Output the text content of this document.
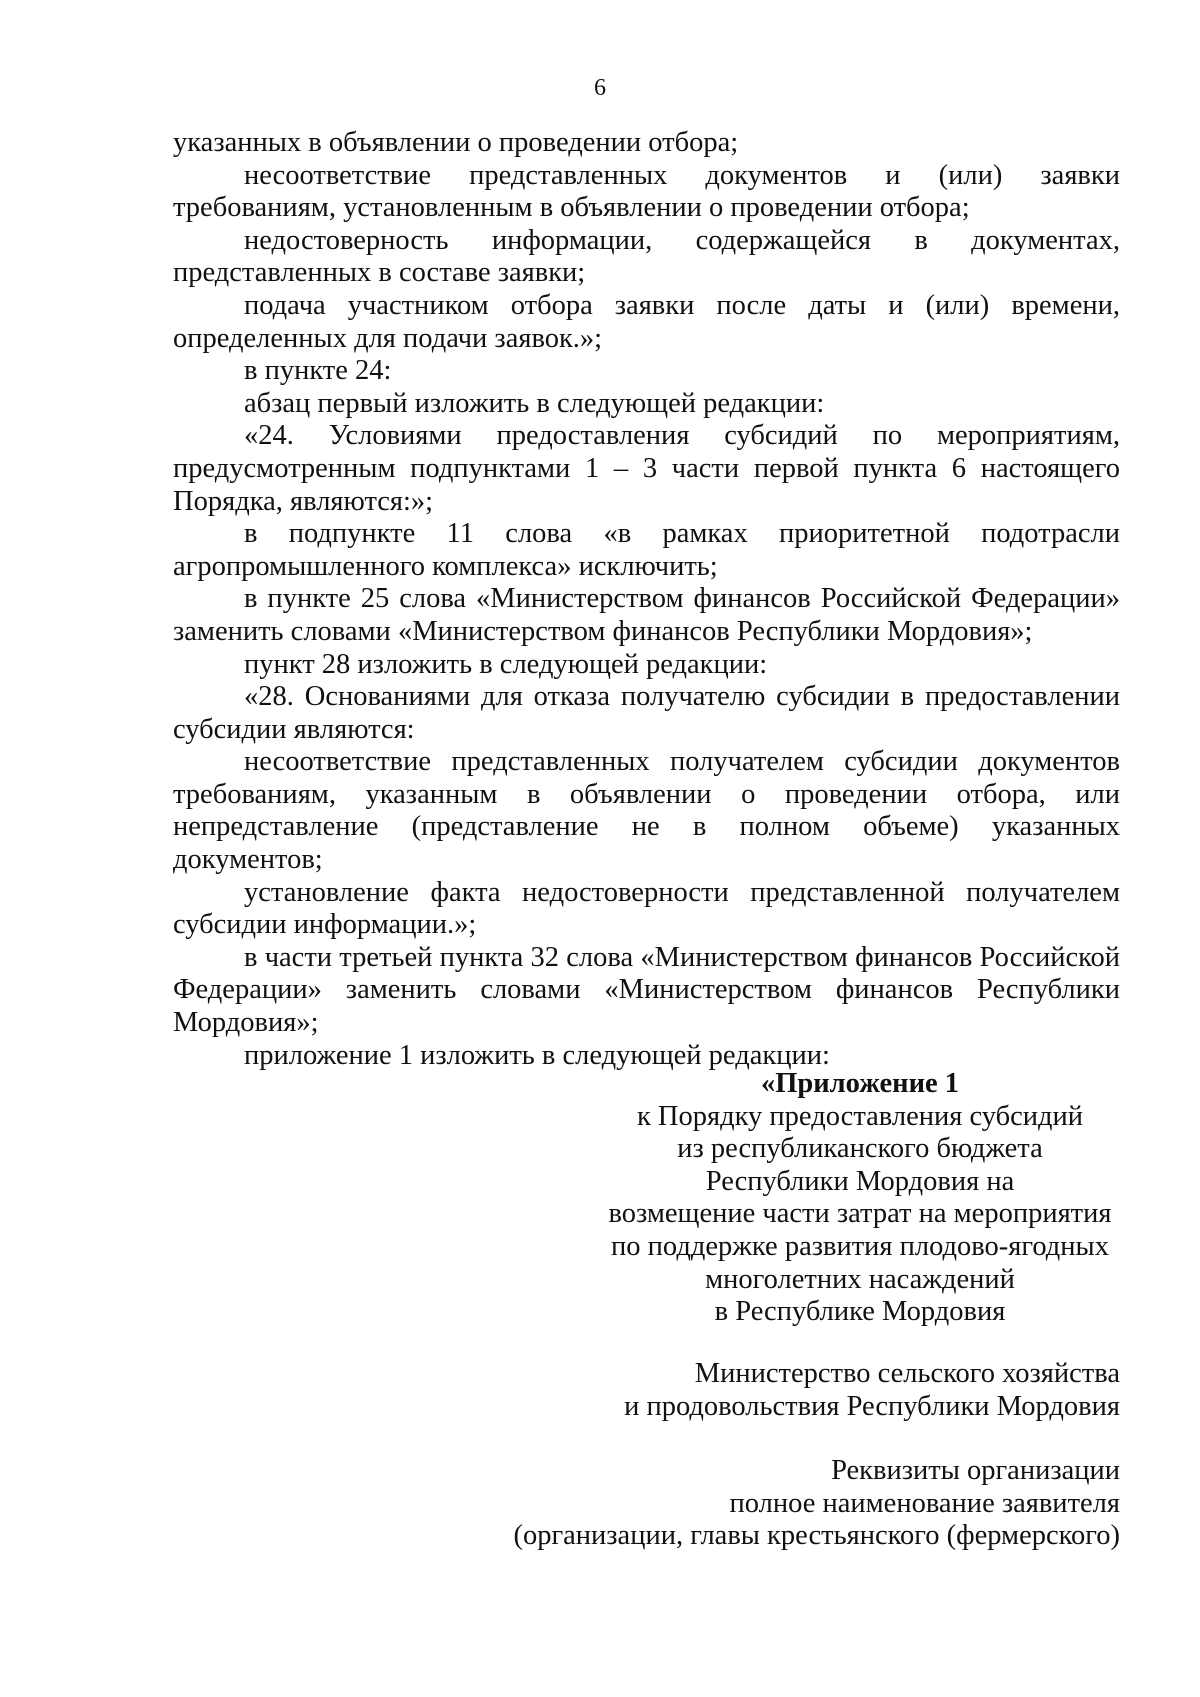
6

указанных в объявлении о проведении отбора;

несоответствие представленных документов и (или) заявки требованиям, установленным в объявлении о проведении отбора;

недостоверность информации, содержащейся в документах, представленных в составе заявки;

подача участником отбора заявки после даты и (или) времени, определенных для подачи заявок.»;

в пункте 24:

абзац первый изложить в следующей редакции:

«24. Условиями предоставления субсидий по мероприятиям, предусмотренным подпунктами 1 – 3 части первой пункта 6 настоящего Порядка, являются:»;

в подпункте 11 слова «в рамках приоритетной подотрасли агропромышленного комплекса» исключить;

в пункте 25 слова «Министерством финансов Российской Федерации» заменить словами «Министерством финансов Республики Мордовия»;

пункт 28 изложить в следующей редакции:

«28. Основаниями для отказа получателю субсидии в предоставлении субсидии являются:

несоответствие представленных получателем субсидии документов требованиям, указанным в объявлении о проведении отбора, или непредставление (представление не в полном объеме) указанных документов;

установление факта недостоверности представленной получателем субсидии информации.»;

в части третьей пункта 32 слова «Министерством финансов Российской Федерации» заменить словами «Министерством финансов Республики Мордовия»;

приложение 1 изложить в следующей редакции:

«Приложение 1

к Порядку предоставления субсидий

из республиканского бюджета

Республики Мордовия на

возмещение части затрат на мероприятия

по поддержке развития плодово-ягодных

многолетних насаждений

в Республике Мордовия

Министерство сельского хозяйства

и продовольствия Республики Мордовия

Реквизиты организации

полное наименование заявителя

(организации, главы крестьянского (фермерского)
